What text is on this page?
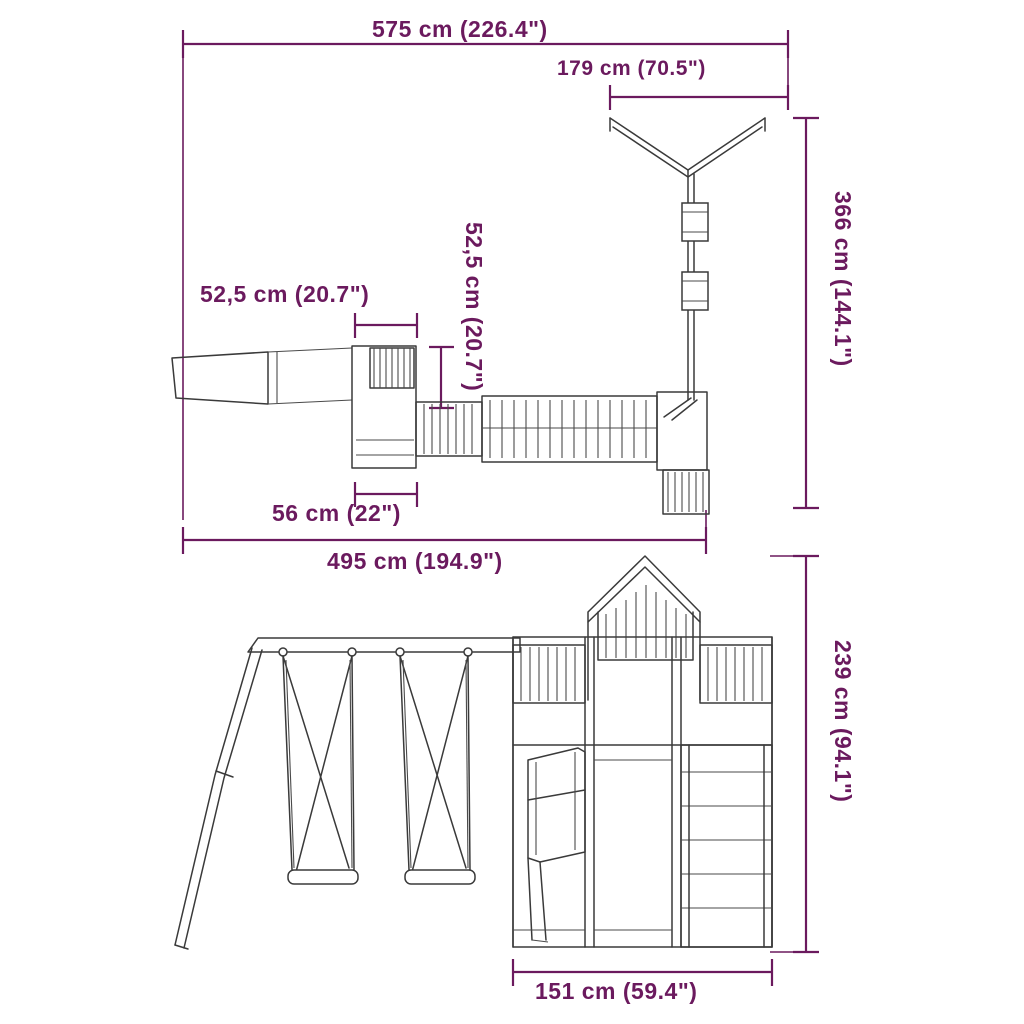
575 cm (226.4")
179 cm (70.5")
366 cm (144.1")
52,5 cm (20.7")	52,5 cm (20.7")
56 cm (22")
495 cm (194.9")
239 cm (94.1")
151 cm (59.4")
